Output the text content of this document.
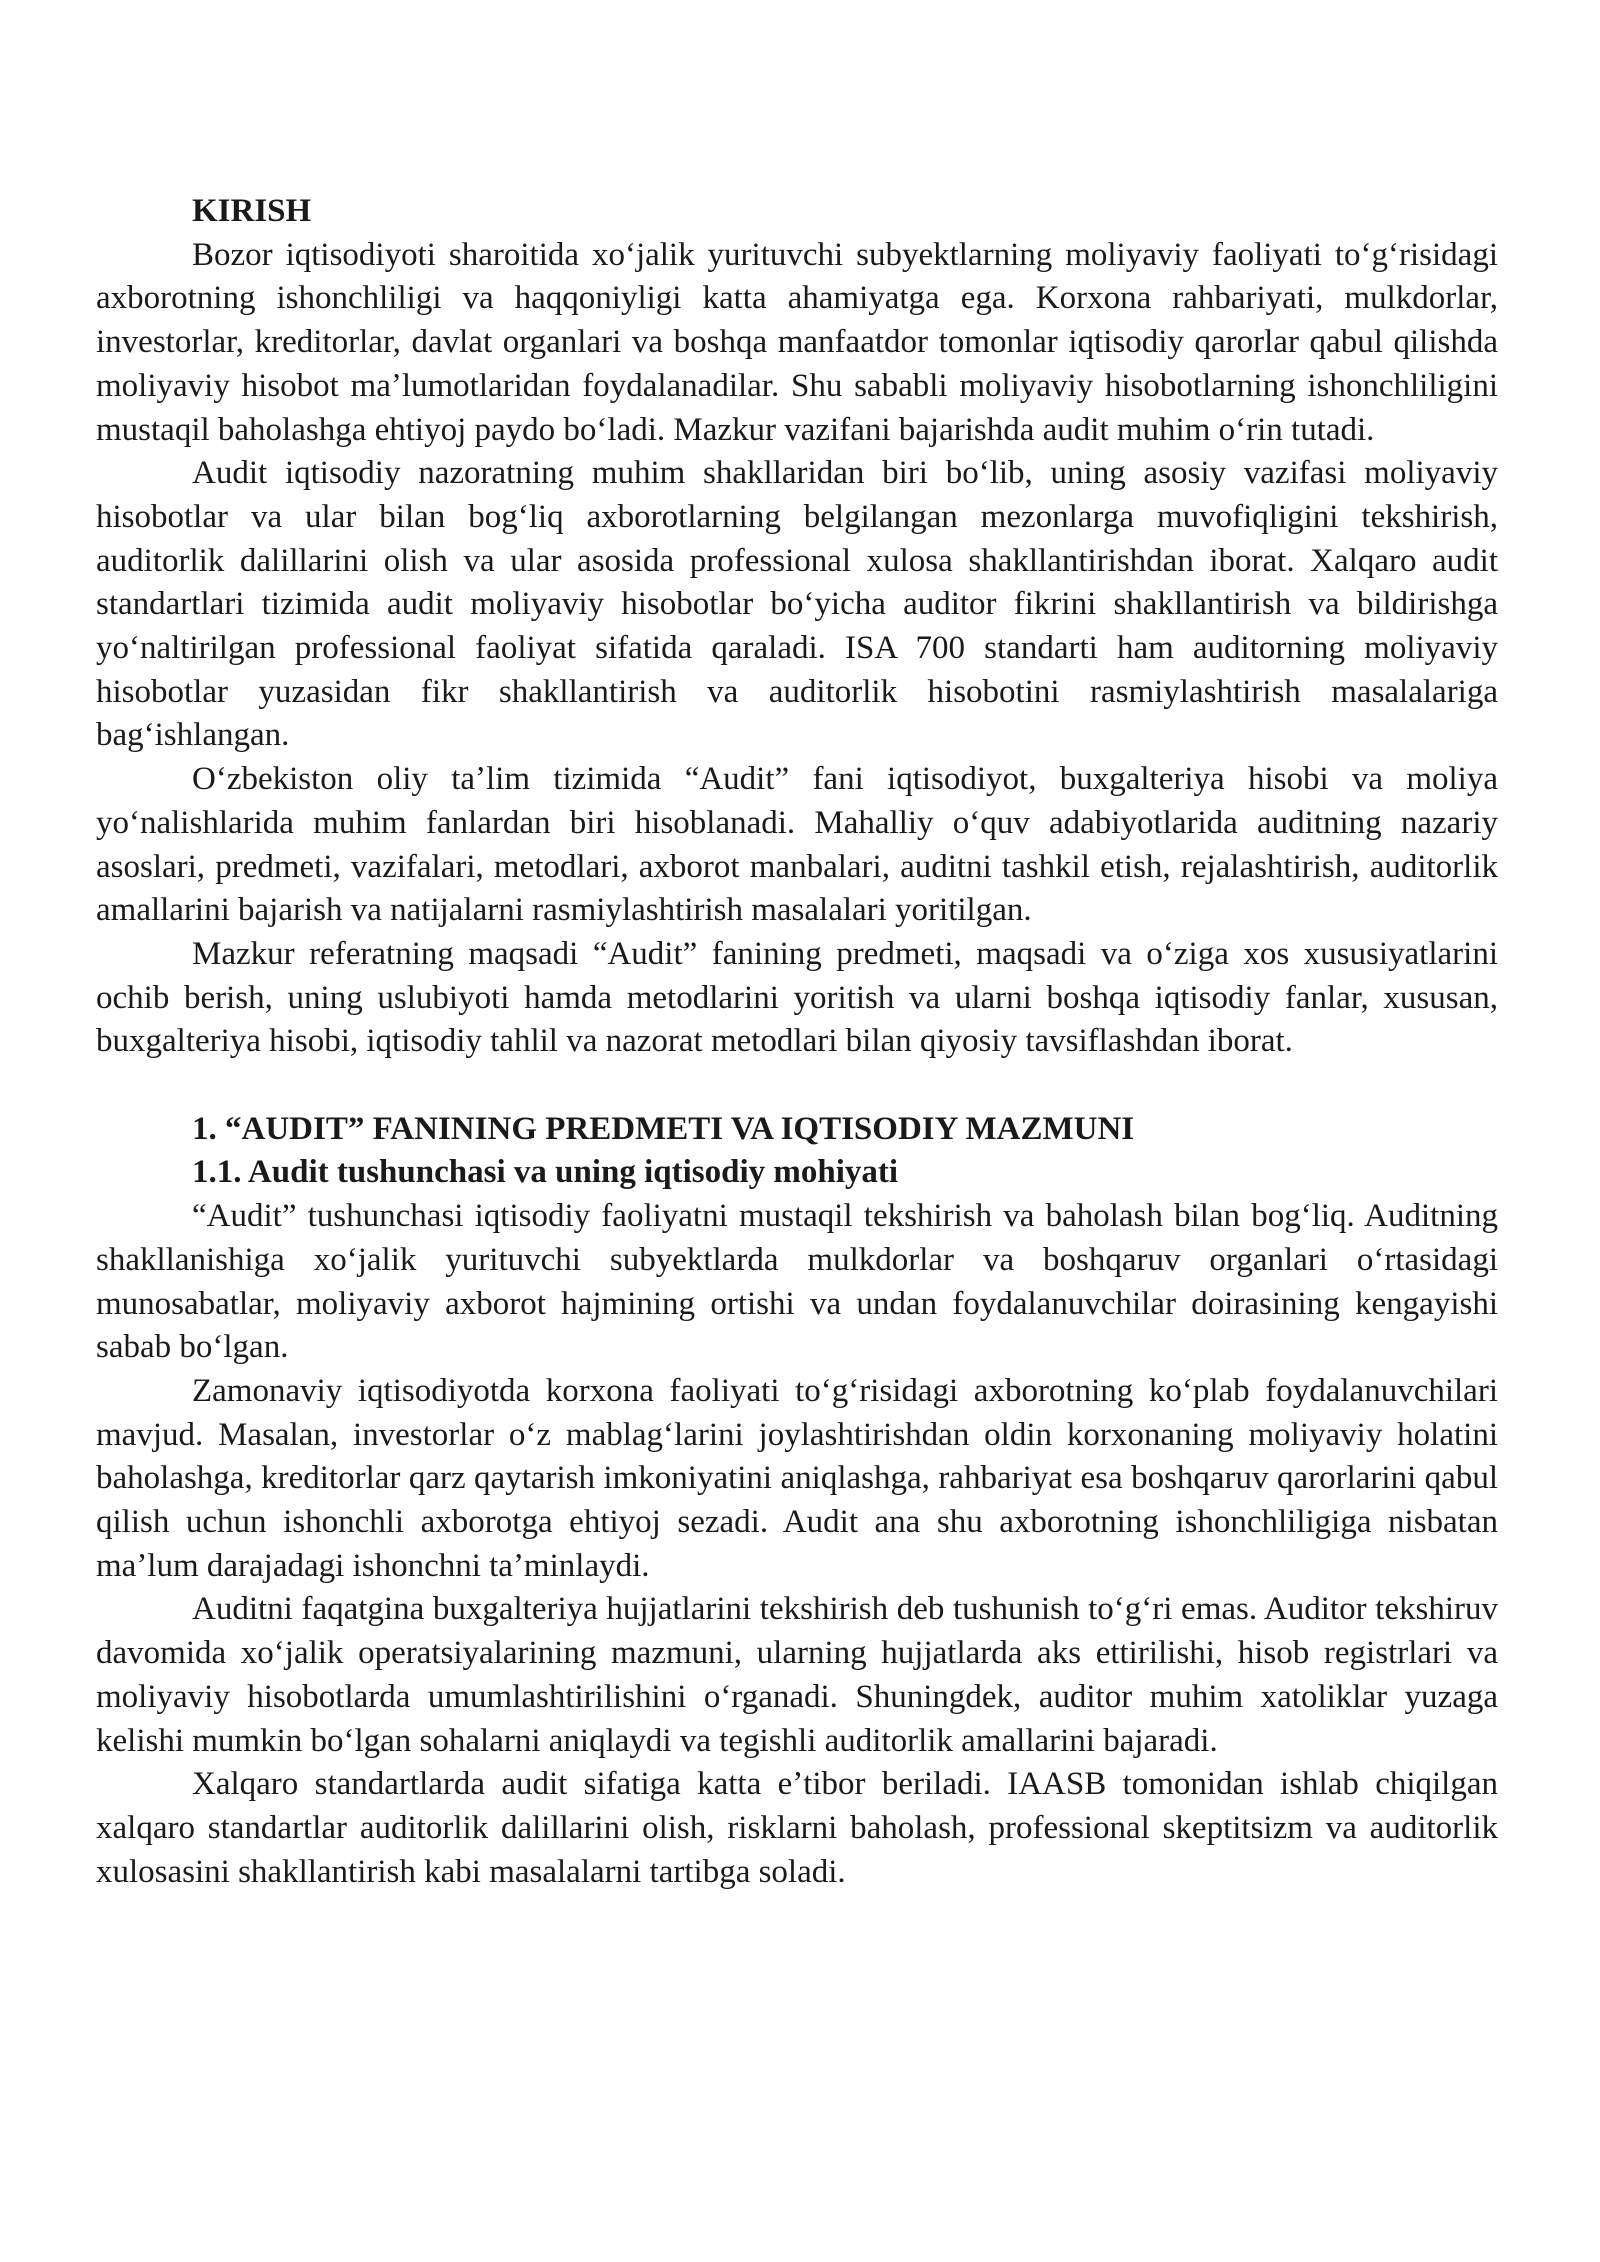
KIRISH

Bozor iqtisodiyoti sharoitida xoʻjalik yurituvchi subyektlarning moliyaviy faoliyati toʻgʻrisidagi axborotning ishonchliligi va haqqoniyligi katta ahamiyatga ega. Korxona rahbariyati, mulkdorlar, investorlar, kreditorlar, davlat organlari va boshqa manfaatdor tomonlar iqtisodiy qarorlar qabul qilishda moliyaviy hisobot maʼlumotlaridan foydalanadilar. Shu sababli moliyaviy hisobotlarning ishonchliligini mustaqil baholashga ehtiyoj paydo boʻladi. Mazkur vazifani bajarishda audit muhim oʻrin tutadi.

Audit iqtisodiy nazoratning muhim shakllaridan biri boʻlib, uning asosiy vazifasi moliyaviy hisobotlar va ular bilan bogʻliq axborotlarning belgilangan mezonlarga muvofiqligini tekshirish, auditorlik dalillarini olish va ular asosida professional xulosa shakllantirishdan iborat. Xalqaro audit standartlari tizimida audit moliyaviy hisobotlar boʻyicha auditor fikrini shakllantirish va bildirishga yoʻnaltirilgan professional faoliyat sifatida qaraladi. ISA 700 standarti ham auditorning moliyaviy hisobotlar yuzasidan fikr shakllantirish va auditorlik hisobotini rasmiylashtirish masalalariga bagʻishlangan.

Oʻzbekiston oliy taʼlim tizimida “Audit” fani iqtisodiyot, buxgalteriya hisobi va moliya yoʻnalishlarida muhim fanlardan biri hisoblanadi. Mahalliy oʻquv adabiyotlarida auditning nazariy asoslari, predmeti, vazifalari, metodlari, axborot manbalari, auditni tashkil etish, rejalashtirish, auditorlik amallarini bajarish va natijalarni rasmiylashtirish masalalari yoritilgan.

Mazkur referatning maqsadi “Audit” fanining predmeti, maqsadi va oʻziga xos xususiyatlarini ochib berish, uning uslubiyoti hamda metodlarini yoritish va ularni boshqa iqtisodiy fanlar, xususan, buxgalteriya hisobi, iqtisodiy tahlil va nazorat metodlari bilan qiyosiy tavsiflashdan iborat.

1. “AUDIT” FANINING PREDMETI VA IQTISODIY MAZMUNI

1.1. Audit tushunchasi va uning iqtisodiy mohiyati

“Audit” tushunchasi iqtisodiy faoliyatni mustaqil tekshirish va baholash bilan bogʻliq. Auditning shakllanishiga xoʻjalik yurituvchi subyektlarda mulkdorlar va boshqaruv organlari oʻrtasidagi munosabatlar, moliyaviy axborot hajmining ortishi va undan foydalanuvchilar doirasining kengayishi sabab boʻlgan.

Zamonaviy iqtisodiyotda korxona faoliyati toʻgʻrisidagi axborotning koʻplab foydalanuvchilari mavjud. Masalan, investorlar oʻz mablagʻlarini joylashtirishdan oldin korxonaning moliyaviy holatini baholashga, kreditorlar qarz qaytarish imkoniyatini aniqlashga, rahbariyat esa boshqaruv qarorlarini qabul qilish uchun ishonchli axborotga ehtiyoj sezadi. Audit ana shu axborotning ishonchliligiga nisbatan maʼlum darajadagi ishonchni taʼminlaydi.

Auditni faqatgina buxgalteriya hujjatlarini tekshirish deb tushunish toʻgʻri emas. Auditor tekshiruv davomida xoʻjalik operatsiyalarining mazmuni, ularning hujjatlarda aks ettirilishi, hisob registrlari va moliyaviy hisobotlarda umumlashtirilishini oʻrganadi. Shuningdek, auditor muhim xatoliklar yuzaga kelishi mumkin boʻlgan sohalarni aniqlaydi va tegishli auditorlik amallarini bajaradi.

Xalqaro standartlarda audit sifatiga katta eʼtibor beriladi. IAASB tomonidan ishlab chiqilgan xalqaro standartlar auditorlik dalillarini olish, risklarni baholash, professional skeptitsizm va auditorlik xulosasini shakllantirish kabi masalalarni tartibga soladi.
